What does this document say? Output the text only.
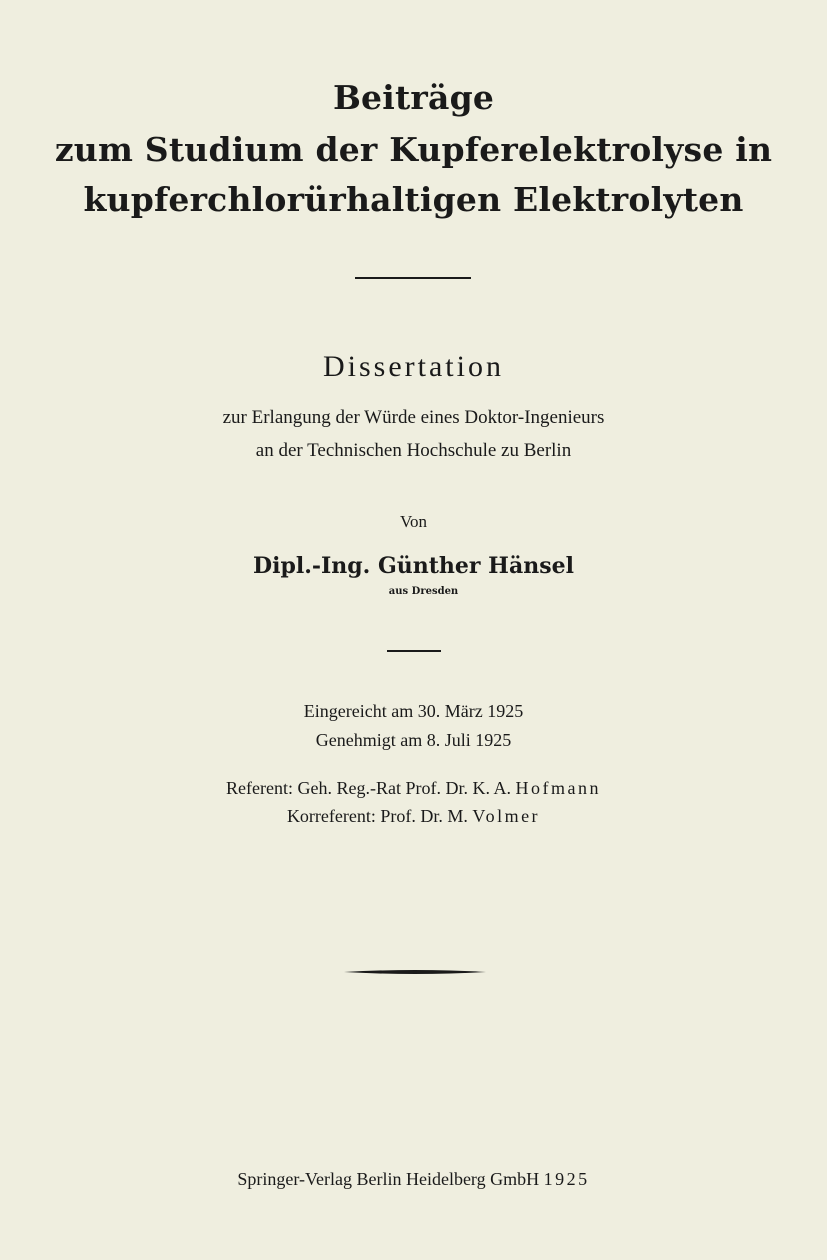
Beiträge
zum Studium der Kupferelektrolyse in
kupferchlorürhaltigen Elektrolyten
Dissertation
zur Erlangung der Würde eines Doktor-Ingenieurs
an der Technischen Hochschule zu Berlin
Von
Dipl.-Ing. Günther Hänsel
aus Dresden
Eingereicht am 30. März 1925
Genehmigt am 8. Juli 1925
Referent: Geh. Reg.-Rat Prof. Dr. K. A. Hofmann
Korreferent: Prof. Dr. M. Volmer
Springer-Verlag Berlin Heidelberg GmbH 1925
